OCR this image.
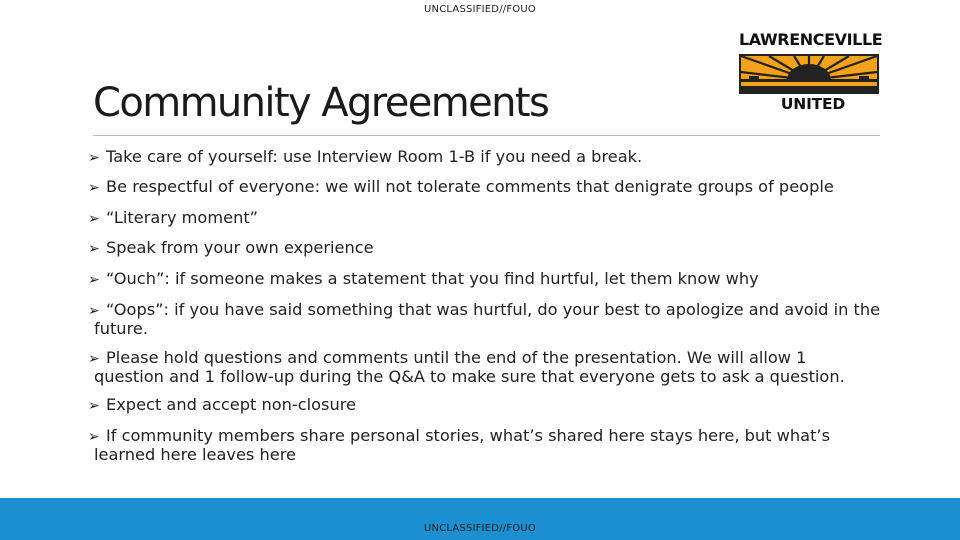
UNCLASSIFIED//FOUO
LAWRENCEVILLE
UNITED
Community Agreements
➢ Take care of yourself: use Interview Room 1-B if you need a break.
➢ Be respectful of everyone: we will not tolerate comments that denigrate groups of people
➢ “Literary moment”
➢ Speak from your own experience
➢ “Ouch”: if someone makes a statement that you find hurtful, let them know why
➢ “Oops”: if you have said something that was hurtful, do your best to apologize and avoid in the
future.
➢ Please hold questions and comments until the end of the presentation. We will allow 1
question and 1 follow-up during the Q&A to make sure that everyone gets to ask a question.
➢ Expect and accept non-closure
➢ If community members share personal stories, what’s shared here stays here, but what’s
learned here leaves here
UNCLASSIFIED//FOUO
